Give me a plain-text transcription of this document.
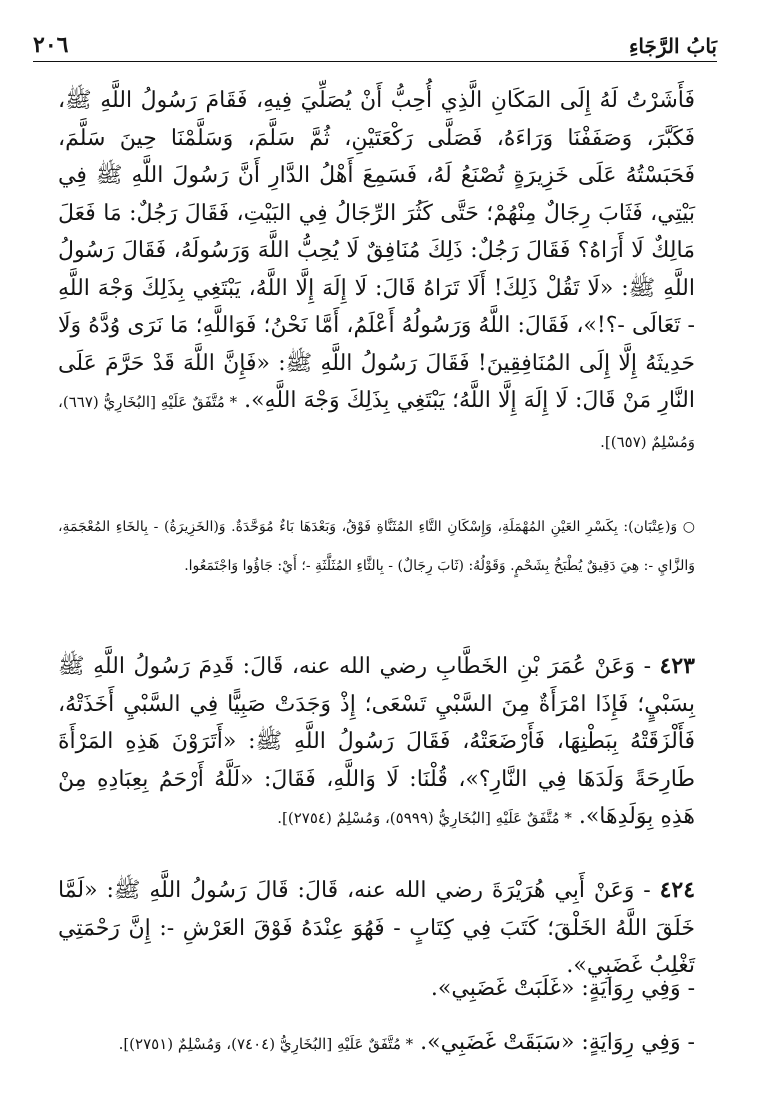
بَابُ الرَّجَاءِ
٢٠٦
فَأَشَرْتُ لَهُ إِلَى المَكَانِ الَّذِي أُحِبُّ أَنْ يُصَلِّيَ فِيهِ، فَقَامَ رَسُولُ اللَّهِ ﷺ، فَكَبَّرَ، وَصَفَفْنَا وَرَاءَهُ، فَصَلَّى رَكْعَتَيْنِ، ثُمَّ سَلَّمَ، وَسَلَّمْنَا حِينَ سَلَّمَ، فَحَبَسْتُهُ عَلَى خَزِيرَةٍ تُصْنَعُ لَهُ، فَسَمِعَ أَهْلُ الدَّارِ أَنَّ رَسُولَ اللَّهِ ﷺ فِي بَيْتِي، فَثَابَ رِجَالٌ مِنْهُمْ؛ حَتَّى كَثُرَ الرِّجَالُ فِي البَيْتِ، فَقَالَ رَجُلٌ: مَا فَعَلَ مَالِكٌ لَا أَرَاهُ؟ فَقَالَ رَجُلٌ: ذَلِكَ مُنَافِقٌ لَا يُحِبُّ اللَّهَ وَرَسُولَهُ، فَقَالَ رَسُولُ اللَّهِ ﷺ: «لَا تَقُلْ ذَلِكَ! أَلَا تَرَاهُ قَالَ: لَا إِلَهَ إِلَّا اللَّهُ، يَبْتَغِي بِذَلِكَ وَجْهَ اللَّهِ - تَعَالَى -؟!»، فَقَالَ: اللَّهُ وَرَسُولُهُ أَعْلَمُ، أَمَّا نَحْنُ؛ فَوَاللَّهِ؛ مَا نَرَى وُدَّهُ وَلَا حَدِيثَهُ إِلَّا إِلَى المُنَافِقِينَ! فَقَالَ رَسُولُ اللَّهِ ﷺ: «فَإِنَّ اللَّهَ قَدْ حَرَّمَ عَلَى النَّارِ مَنْ قَالَ: لَا إِلَهَ إِلَّا اللَّهُ؛ يَبْتَغِي بِذَلِكَ وَجْهَ اللَّهِ». * مُتَّفَقٌ عَلَيْهِ [البُخَارِيُّ (٦٦٧)، وَمُسْلِمٌ (٦٥٧)].
○ وَ(عِتْبَان): بِكَسْرِ العَيْنِ المُهْمَلَةِ، وَإِسْكَانِ التَّاءِ المُثَنَّاةِ فَوْقُ، وَبَعْدَهَا بَاءٌ مُوَحَّدَةٌ. وَ(الخَزِيرَةُ) - بِالخَاءِ المُعْجَمَةِ، وَالزَّايِ -: هِيَ دَقِيقٌ يُطْبَخُ بِشَحْمٍ. وَقَوْلُهُ: (ثَابَ رِجَالٌ) - بِالثَّاءِ المُثَلَّثَةِ -؛ أَيْ: جَاؤُوا وَاجْتَمَعُوا.
٤٢٣ - وَعَنْ عُمَرَ بْنِ الخَطَّابِ رضي الله عنه، قَالَ: قَدِمَ رَسُولُ اللَّهِ ﷺ بِسَبْيٍ؛ فَإِذَا امْرَأَةٌ مِنَ السَّبْيِ تَسْعَى؛ إِذْ وَجَدَتْ صَبِيًّا فِي السَّبْيِ أَخَذَتْهُ، فَأَلْزَقَتْهُ بِبَطْنِهَا، فَأَرْضَعَتْهُ، فَقَالَ رَسُولُ اللَّهِ ﷺ: «أَتَرَوْنَ هَذِهِ المَرْأَةَ طَارِحَةً وَلَدَهَا فِي النَّارِ؟»، قُلْنَا: لَا وَاللَّهِ، فَقَالَ: «لَلَّهُ أَرْحَمُ بِعِبَادِهِ مِنْ هَذِهِ بِوَلَدِهَا». * مُتَّفَقٌ عَلَيْهِ [البُخَارِيُّ (٥٩٩٩)، وَمُسْلِمٌ (٢٧٥٤)].
٤٢٤ - وَعَنْ أَبِي هُرَيْرَةَ رضي الله عنه، قَالَ: قَالَ رَسُولُ اللَّهِ ﷺ: «لَمَّا خَلَقَ اللَّهُ الخَلْقَ؛ كَتَبَ فِي كِتَابٍ - فَهُوَ عِنْدَهُ فَوْقَ العَرْشِ -: إِنَّ رَحْمَتِي تَغْلِبُ غَضَبِي».
- وَفِي رِوَايَةٍ: «غَلَبَتْ غَضَبِي».
- وَفِي رِوَايَةٍ: «سَبَقَتْ غَضَبِي». * مُتَّفَقٌ عَلَيْهِ [البُخَارِيُّ (٧٤٠٤)، وَمُسْلِمٌ (٢٧٥١)].
